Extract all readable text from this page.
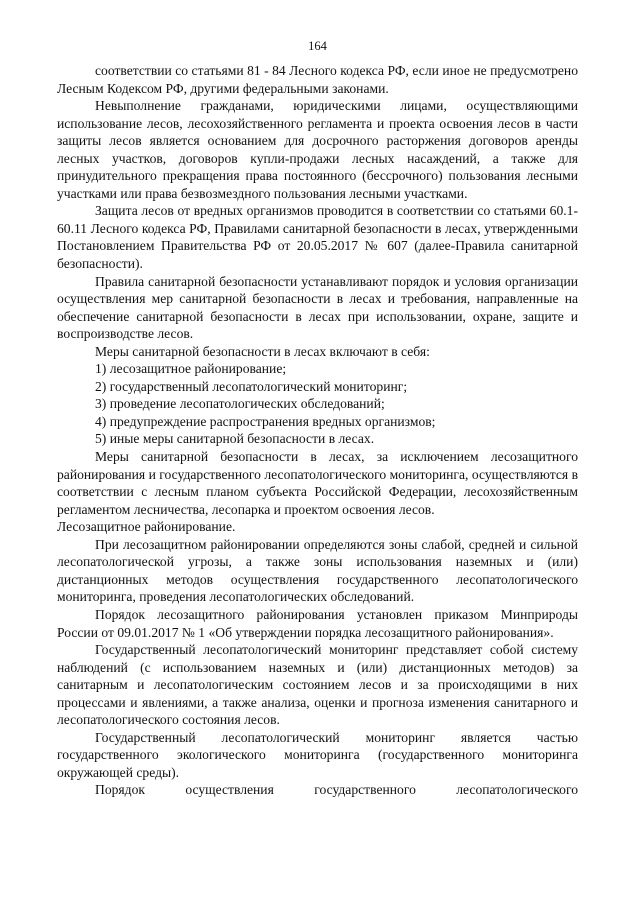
164

соответствии со статьями 81 - 84 Лесного кодекса РФ, если иное не предусмотрено Лесным Кодексом РФ, другими федеральными законами.

Невыполнение гражданами, юридическими лицами, осуществляющими использование лесов, лесохозяйственного регламента и проекта освоения лесов в части защиты лесов является основанием для досрочного расторжения договоров аренды лесных участков, договоров купли-продажи лесных насаждений, а также для принудительного прекращения права постоянного (бессрочного) пользования лесными участками или права безвозмездного пользования лесными участками.

Защита лесов от вредных организмов проводится в соответствии со статьями 60.1-60.11 Лесного кодекса РФ, Правилами санитарной безопасности в лесах, утвержденными Постановлением Правительства РФ от 20.05.2017 № 607 (далее-Правила санитарной безопасности).

Правила санитарной безопасности устанавливают порядок и условия организации осуществления мер санитарной безопасности в лесах и требования, направленные на обеспечение санитарной безопасности в лесах при использовании, охране, защите и воспроизводстве лесов.

Меры санитарной безопасности в лесах включают в себя:

1) лесозащитное районирование;

2) государственный лесопатологический мониторинг;

3) проведение лесопатологических обследований;

4) предупреждение распространения вредных организмов;

5) иные меры санитарной безопасности в лесах.

Меры санитарной безопасности в лесах, за исключением лесозащитного районирования и государственного лесопатологического мониторинга, осуществляются в соответствии с лесным планом субъекта Российской Федерации, лесохозяйственным регламентом лесничества, лесопарка и проектом освоения лесов.

Лесозащитное районирование.

При лесозащитном районировании определяются зоны слабой, средней и сильной лесопатологической угрозы, а также зоны использования наземных и (или) дистанционных методов осуществления государственного лесопатологического мониторинга, проведения лесопатологических обследований.

Порядок лесозащитного районирования установлен приказом Минприроды России от 09.01.2017 № 1 «Об утверждении порядка лесозащитного районирования».

Государственный лесопатологический мониторинг представляет собой систему наблюдений (с использованием наземных и (или) дистанционных методов) за санитарным и лесопатологическим состоянием лесов и за происходящими в них процессами и явлениями, а также анализа, оценки и прогноза изменения санитарного и лесопатологического состояния лесов.

Государственный лесопатологический мониторинг является частью государственного экологического мониторинга (государственного мониторинга окружающей среды).

Порядок осуществления государственного лесопатологического
